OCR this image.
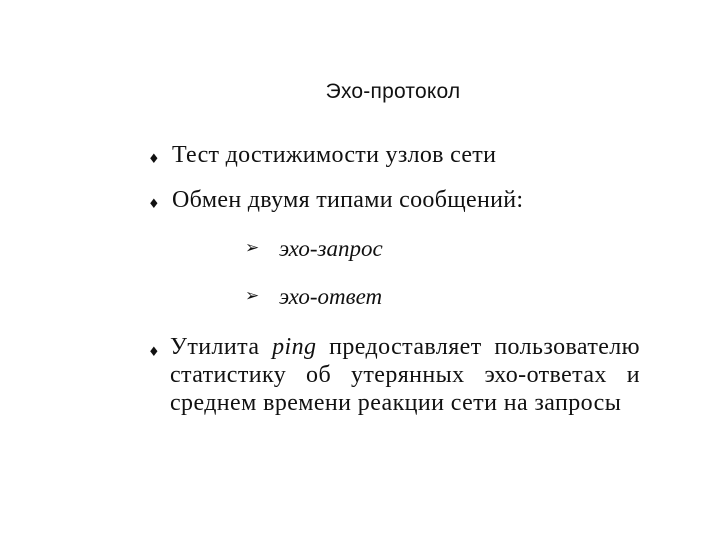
Эхо-протокол
♦ Тест достижимости узлов сети
♦ Обмен двумя типами сообщений:
➢ эхо-запрос
➢ эхо-ответ
♦ Утилита ping предоставляет пользователю
статистику об утерянных эхо-ответах и
среднем времени реакции сети на запросы
